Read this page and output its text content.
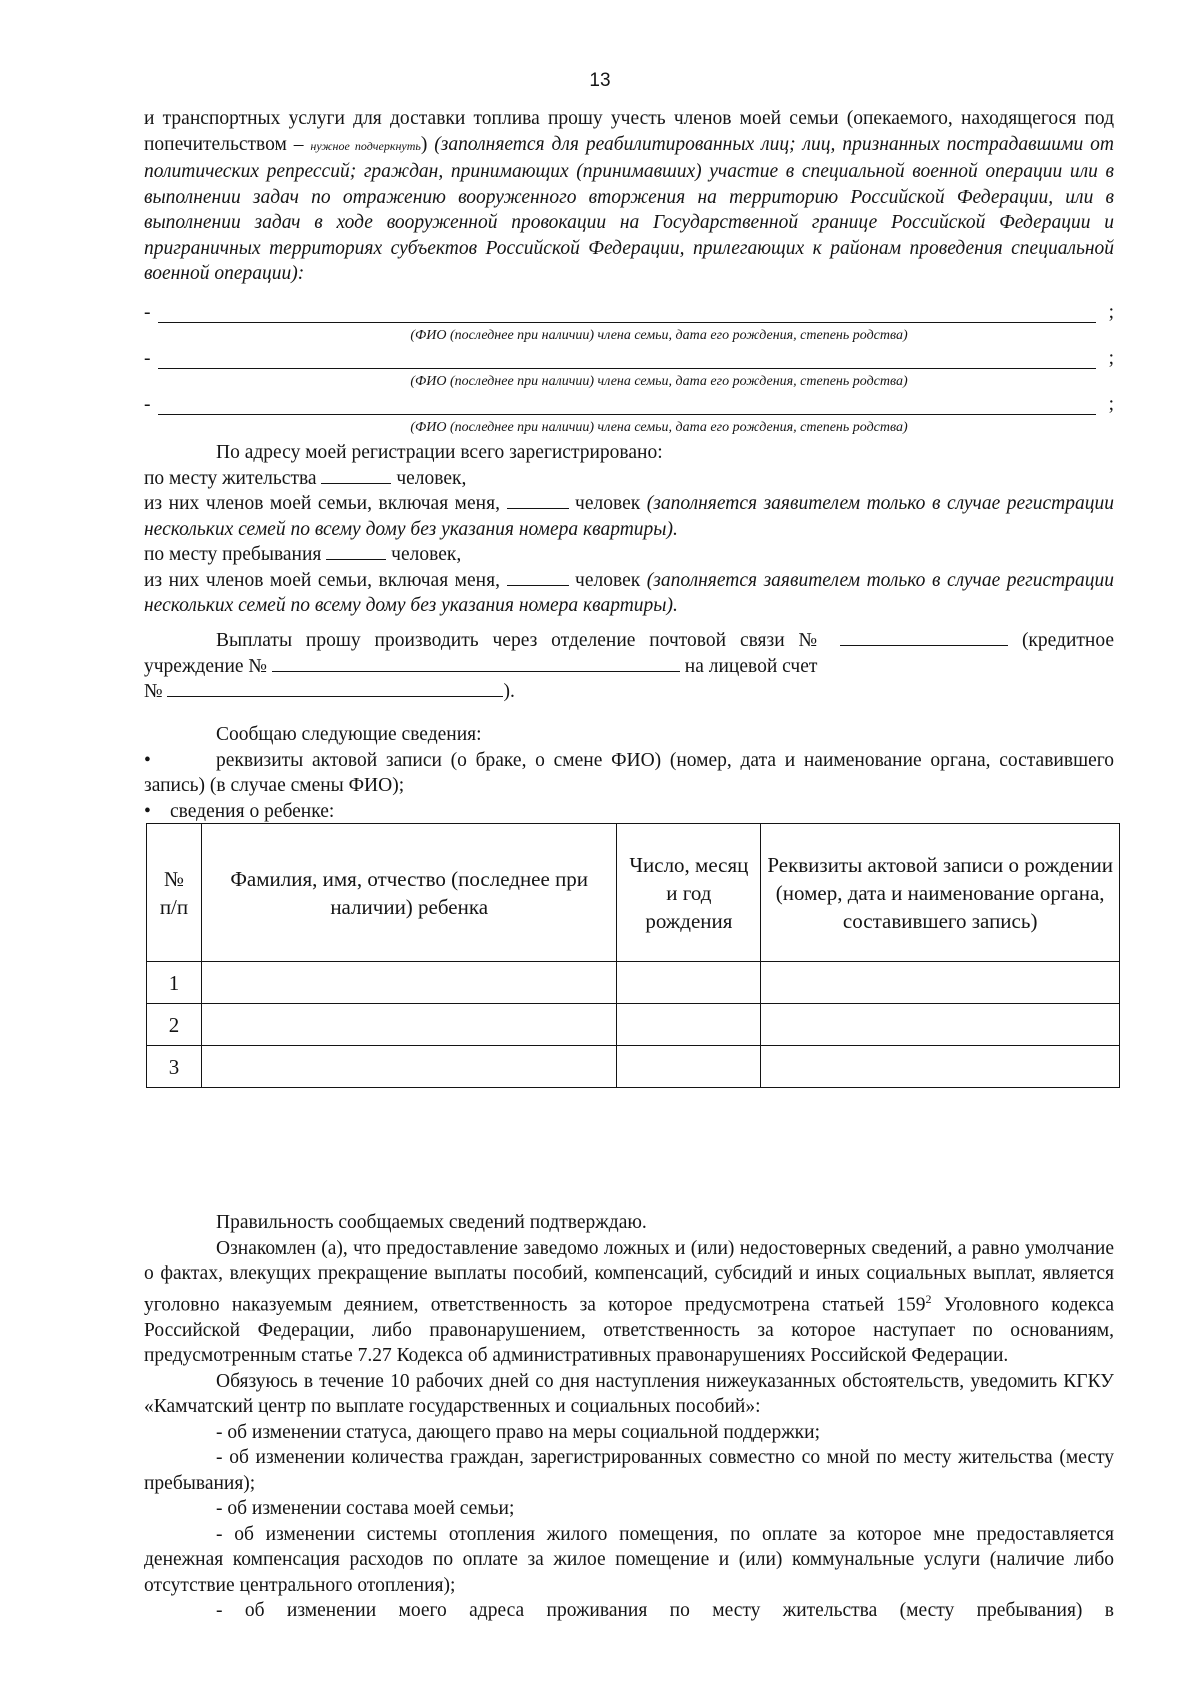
13

и транспортных услуги для доставки топлива прошу учесть членов моей семьи (опекаемого, находящегося под попечительством – нужное подчеркнуть) (заполняется для реабилитированных лиц; лиц, признанных пострадавшими от политических репрессий; граждан, принимающих (принимавших) участие в специальной военной операции или в выполнении задач по отражению вооруженного вторжения на территорию Российской Федерации, или в выполнении задач в ходе вооруженной провокации на Государственной границе Российской Федерации и приграничных территориях субъектов Российской Федерации, прилегающих к районам проведения специальной военной операции):

-	;
(ФИО (последнее при наличии) члена семьи, дата его рождения, степень родства)
-	;
(ФИО (последнее при наличии) члена семьи, дата его рождения, степень родства)
-	;
(ФИО (последнее при наличии) члена семьи, дата его рождения, степень родства)

По адресу моей регистрации всего зарегистрировано:

по месту жительства	человек,

из них членов моей семьи, включая меня,	человек (заполняется заявителем только в случае регистрации нескольких семей по всему дому без указания номера квартиры).

по месту пребывания	человек,

из них членов моей семьи, включая меня,	человек (заполняется заявителем только в случае регистрации нескольких семей по всему дому без указания номера квартиры).

Выплаты прошу производить через отделение почтовой связи №	(кредитное

учреждение №	на лицевой счет

№	).

Сообщаю следующие сведения:

•	реквизиты актовой записи (о браке, о смене ФИО) (номер, дата и наименование органа, составившего запись) (в случае смены ФИО);

• сведения о ребенке:

№ п/п	Фамилия, имя, отчество (последнее при наличии) ребенка	Число, месяц и год рождения	Реквизиты актовой записи о рождении (номер, дата и наименование органа, составившего запись)
1			
2			
3			

Правильность сообщаемых сведений подтверждаю.

Ознакомлен (а), что предоставление заведомо ложных и (или) недостоверных сведений, а равно умолчание о фактах, влекущих прекращение выплаты пособий, компенсаций, субсидий и иных социальных выплат, является уголовно наказуемым деянием, ответственность за которое предусмотрена статьей $159^2$ Уголовного кодекса Российской Федерации, либо правонарушением, ответственность за которое наступает по основаниям, предусмотренным статье 7.27 Кодекса об административных правонарушениях Российской Федерации.

Обязуюсь в течение 10 рабочих дней со дня наступления нижеуказанных обстоятельств, уведомить КГКУ «Камчатский центр по выплате государственных и социальных пособий»:

- об изменении статуса, дающего право на меры социальной поддержки;

- об изменении количества граждан, зарегистрированных совместно со мной по месту жительства (месту пребывания);

- об изменении состава моей семьи;

- об изменении системы отопления жилого помещения, по оплате за которое мне предоставляется денежная компенсация расходов по оплате за жилое помещение и (или) коммунальные услуги (наличие либо отсутствие центрального отопления);

- об изменении моего адреса проживания по месту жительства (месту пребывания) в
